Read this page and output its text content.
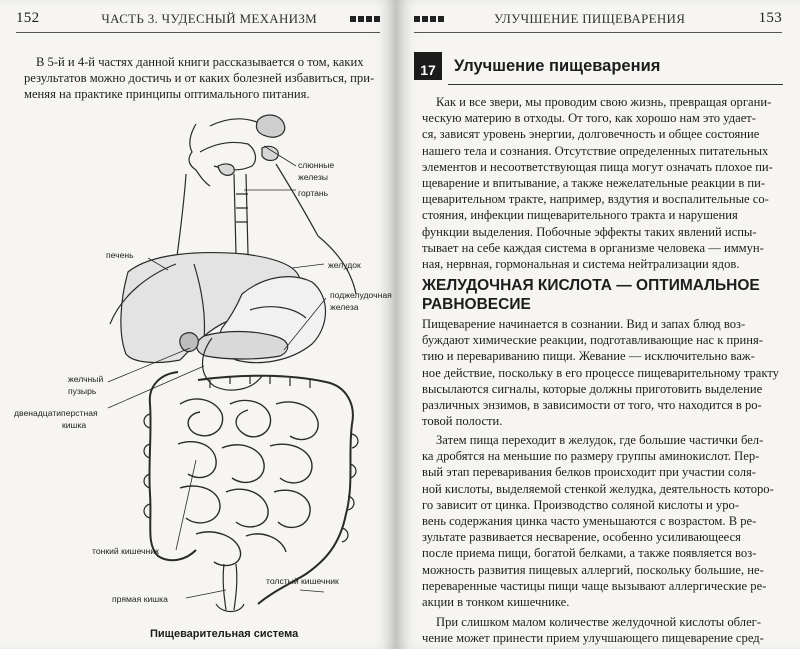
152	ЧАСТЬ 3. ЧУДЕСНЫЙ МЕХАНИЗМ
В 5-й и 4-й частях данной книги рассказывается о том, каких
результатов можно достичь и от каких болезней избавиться, при-
меняя на практике принципы оптимального питания.
слюнные
железы
гортань
печень
желудок
поджелудочная
железа
желчный
пузырь
двенадцатиперстная
кишка
тонкий кишечник
прямая кишка
толстый кишечник
Пищеварительная система
УЛУЧШЕНИЕ ПИЩЕВАРЕНИЯ	153
17	Улучшение пищеварения
Как и все звери, мы проводим свою жизнь, превращая органи-
ческую материю в отходы. От того, как хорошо нам это удает-
ся, зависят уровень энергии, долговечность и общее состояние
нашего тела и сознания. Отсутствие определенных питательных
элементов и несоответствующая пища могут означать плохое пи-
щеварение и впитывание, а также нежелательные реакции в пи-
щеварительном тракте, например, вздутия и воспалительные со-
стояния, инфекции пищеварительного тракта и нарушения
функции выделения. Побочные эффекты таких явлений испы-
тывает на себе каждая система в организме человека — иммун-
ная, нервная, гормональная и система нейтрализации ядов.
ЖЕЛУДОЧНАЯ КИСЛОТА — ОПТИМАЛЬНОЕ
РАВНОВЕСИЕ
Пищеварение начинается в сознании. Вид и запах блюд воз-
буждают химические реакции, подготавливающие нас к приня-
тию и перевариванию пищи. Жевание — исключительно важ-
ное действие, поскольку в его процессе пищеварительному тракту
высылаются сигналы, которые должны приготовить выделение
различных энзимов, в зависимости от того, что находится в ро-
товой полости.
Затем пища переходит в желудок, где большие частички бел-
ка дробятся на меньшие по размеру группы аминокислот. Пер-
вый этап переваривания белков происходит при участии соля-
ной кислоты, выделяемой стенкой желудка, деятельность которо-
го зависит от цинка. Производство соляной кислоты и уро-
вень содержания цинка часто уменьшаются с возрастом. В ре-
зультате развивается несварение, особенно усиливающееся
после приема пищи, богатой белками, а также появляется воз-
можность развития пищевых аллергий, поскольку большие, не-
переваренные частицы пищи чаще вызывают аллергические ре-
акции в тонком кишечнике.
При слишком малом количестве желудочной кислоты облег-
чение может принести прием улучшающего пищеварение сред-
